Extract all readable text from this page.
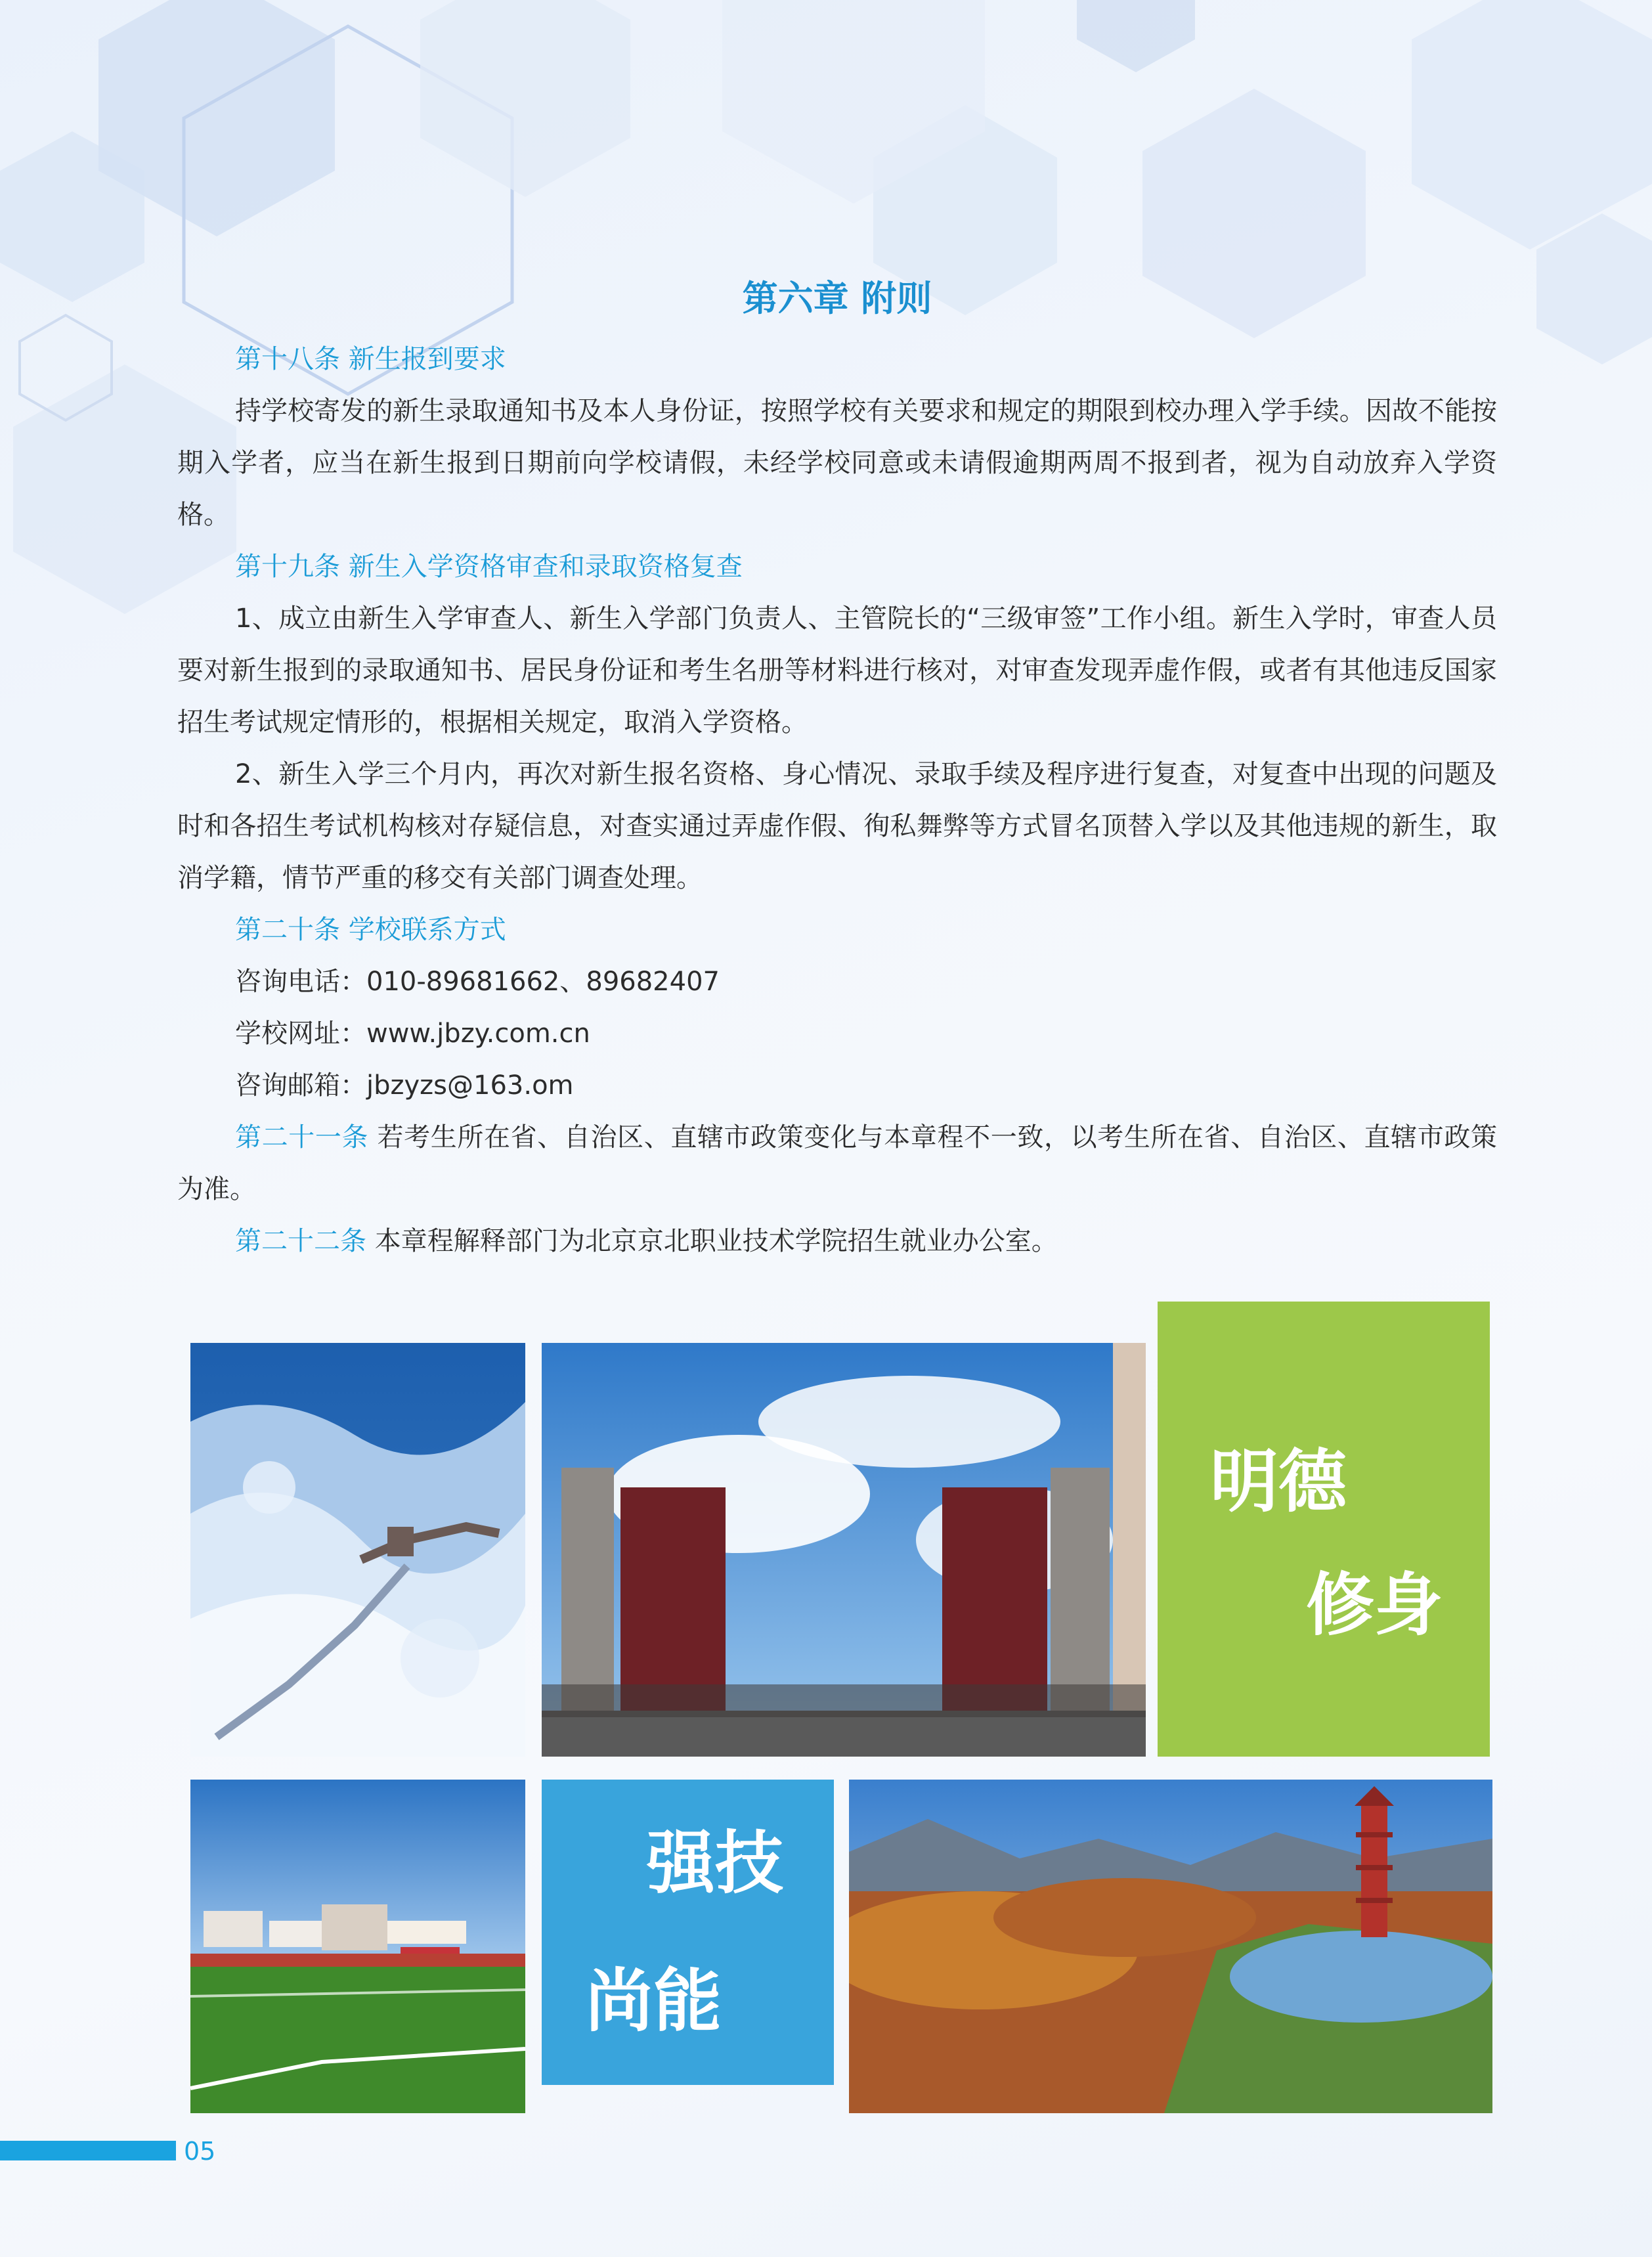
第六章 附则

第十八条 新生报到要求

持学校寄发的新生录取通知书及本人身份证，按照学校有关要求和规定的期限到校办理入学手续。因故不能按期入学者，应当在新生报到日期前向学校请假，未经学校同意或未请假逾期两周不报到者，视为自动放弃入学资格。

第十九条 新生入学资格审查和录取资格复查

1、成立由新生入学审查人、新生入学部门负责人、主管院长的“三级审签”工作小组。新生入学时，审查人员要对新生报到的录取通知书、居民身份证和考生名册等材料进行核对，对审查发现弄虚作假，或者有其他违反国家招生考试规定情形的，根据相关规定，取消入学资格。

2、新生入学三个月内，再次对新生报名资格、身心情况、录取手续及程序进行复查，对复查中出现的问题及时和各招生考试机构核对存疑信息，对查实通过弄虚作假、徇私舞弊等方式冒名顶替入学以及其他违规的新生，取消学籍，情节严重的移交有关部门调查处理。

第二十条 学校联系方式

咨询电话：010-89681662、89682407

学校网址：www.jbzy.com.cn

咨询邮箱：jbzyzs@163.om

第二十一条 若考生所在省、自治区、直辖市政策变化与本章程不一致，以考生所在省、自治区、直辖市政策为准。

第二十二条 本章程解释部门为北京京北职业技术学院招生就业办公室。

明德
修身
强技
尚能
05
